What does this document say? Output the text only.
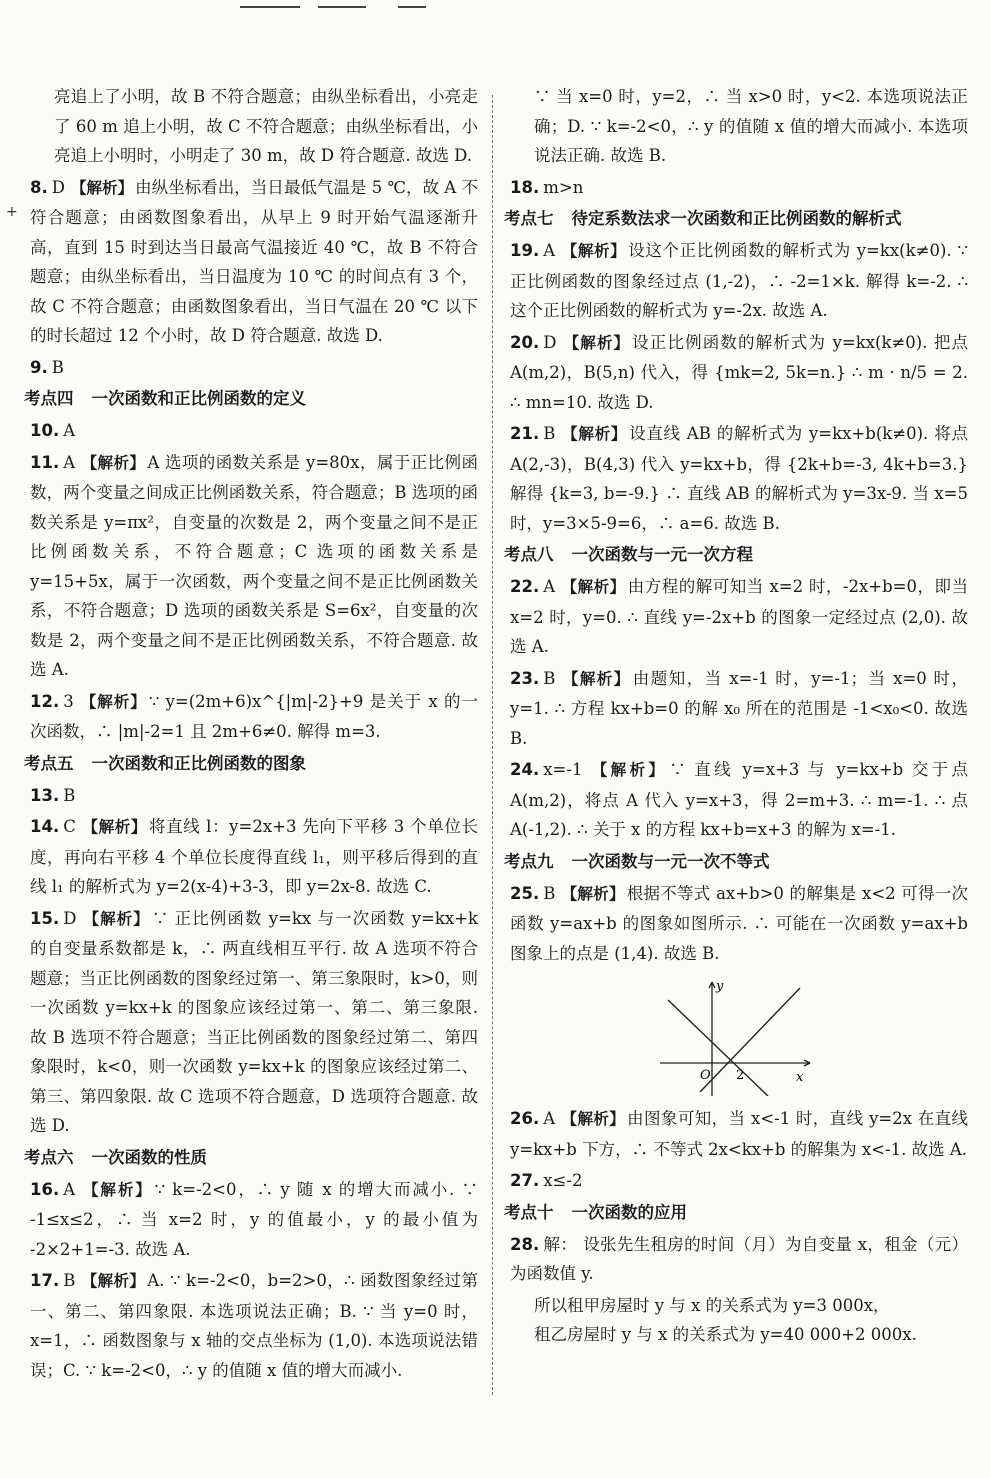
+
亮追上了小明，故 B 不符合题意；由纵坐标看出，小亮走了 60 m 追上小明，故 C 不符合题意；由纵坐标看出，小亮追上小明时，小明走了 30 m，故 D 符合题意. 故选 D.
8. D 【解析】 由纵坐标看出，当日最低气温是 5 ℃，故 A 不符合题意；由函数图象看出，从早上 9 时开始气温逐渐升高，直到 15 时到达当日最高气温接近 40 ℃，故 B 不符合题意；由纵坐标看出，当日温度为 10 ℃ 的时间点有 3 个，故 C 不符合题意；由函数图象看出，当日气温在 20 ℃ 以下的时长超过 12 个小时，故 D 符合题意. 故选 D.
9. B
考点四 一次函数和正比例函数的定义
10. A
11. A 【解析】 A 选项的函数关系是 y=80x，属于正比例函数，两个变量之间成正比例函数关系，符合题意；B 选项的函数关系是 y=πx²，自变量的次数是 2，两个变量之间不是正比例函数关系，不符合题意；C 选项的函数关系是 y=15+5x，属于一次函数，两个变量之间不是正比例函数关系，不符合题意；D 选项的函数关系是 S=6x²，自变量的次数是 2，两个变量之间不是正比例函数关系，不符合题意. 故选 A.
12. 3 【解析】 ∵ y=(2m+6)x^{|m|-2}+9 是关于 x 的一次函数，∴ |m|-2=1 且 2m+6≠0. 解得 m=3.
考点五 一次函数和正比例函数的图象
13. B
14. C 【解析】 将直线 l：y=2x+3 先向下平移 3 个单位长度，再向右平移 4 个单位长度得直线 l₁，则平移后得到的直线 l₁ 的解析式为 y=2(x-4)+3-3，即 y=2x-8. 故选 C.
15. D 【解析】 ∵ 正比例函数 y=kx 与一次函数 y=kx+k 的自变量系数都是 k，∴ 两直线相互平行. 故 A 选项不符合题意；当正比例函数的图象经过第一、第三象限时，k>0，则一次函数 y=kx+k 的图象应该经过第一、第二、第三象限. 故 B 选项不符合题意；当正比例函数的图象经过第二、第四象限时，k<0，则一次函数 y=kx+k 的图象应该经过第二、第三、第四象限. 故 C 选项不符合题意，D 选项符合题意. 故选 D.
考点六 一次函数的性质
16. A 【解析】 ∵ k=-2<0，∴ y 随 x 的增大而减小. ∵ -1≤x≤2，∴ 当 x=2 时，y 的值最小，y 的最小值为 -2×2+1=-3. 故选 A.
17. B 【解析】 A. ∵ k=-2<0，b=2>0，∴ 函数图象经过第一、第二、第四象限. 本选项说法正确；B. ∵ 当 y=0 时，x=1，∴ 函数图象与 x 轴的交点坐标为 (1,0). 本选项说法错误；C. ∵ k=-2<0，∴ y 的值随 x 值的增大而减小.
∵ 当 x=0 时，y=2，∴ 当 x>0 时，y<2. 本选项说法正确；D. ∵ k=-2<0，∴ y 的值随 x 值的增大而减小. 本选项说法正确. 故选 B.
18. m>n
考点七 待定系数法求一次函数和正比例函数的解析式
19. A 【解析】 设这个正比例函数的解析式为 y=kx(k≠0). ∵ 正比例函数的图象经过点 (1,-2)，∴ -2=1×k. 解得 k=-2. ∴ 这个正比例函数的解析式为 y=-2x. 故选 A.
20. D 【解析】 设正比例函数的解析式为 y=kx(k≠0). 把点 A(m,2)，B(5,n) 代入，得 {mk=2, 5k=n.} ∴ m · n/5 = 2. ∴ mn=10. 故选 D.
21. B 【解析】 设直线 AB 的解析式为 y=kx+b(k≠0). 将点 A(2,-3)，B(4,3) 代入 y=kx+b，得 {2k+b=-3, 4k+b=3.} 解得 {k=3, b=-9.} ∴ 直线 AB 的解析式为 y=3x-9. 当 x=5 时，y=3×5-9=6，∴ a=6. 故选 B.
考点八 一次函数与一元一次方程
22. A 【解析】 由方程的解可知当 x=2 时，-2x+b=0，即当 x=2 时，y=0. ∴ 直线 y=-2x+b 的图象一定经过点 (2,0). 故选 A.
23. B 【解析】 由题知，当 x=-1 时，y=-1；当 x=0 时，y=1. ∴ 方程 kx+b=0 的解 x₀ 所在的范围是 -1<x₀<0. 故选 B.
24. x=-1 【解析】 ∵ 直线 y=x+3 与 y=kx+b 交于点 A(m,2)，将点 A 代入 y=x+3，得 2=m+3. ∴ m=-1. ∴ 点 A(-1,2). ∴ 关于 x 的方程 kx+b=x+3 的解为 x=-1.
考点九 一次函数与一元一次不等式
25. B 【解析】 根据不等式 ax+b>0 的解集是 x<2 可得一次函数 y=ax+b 的图象如图所示. ∴ 可能在一次函数 y=ax+b 图象上的点是 (1,4). 故选 B.
y
x
O 2
26. A 【解析】 由图象可知，当 x<-1 时，直线 y=2x 在直线 y=kx+b 下方，∴ 不等式 2x<kx+b 的解集为 x<-1. 故选 A.
27. x≤-2
考点十 一次函数的应用
28. 解： 设张先生租房的时间（月）为自变量 x，租金（元）为函数值 y.
所以租甲房屋时 y 与 x 的关系式为 y=3 000x，
租乙房屋时 y 与 x 的关系式为 y=40 000+2 000x.
